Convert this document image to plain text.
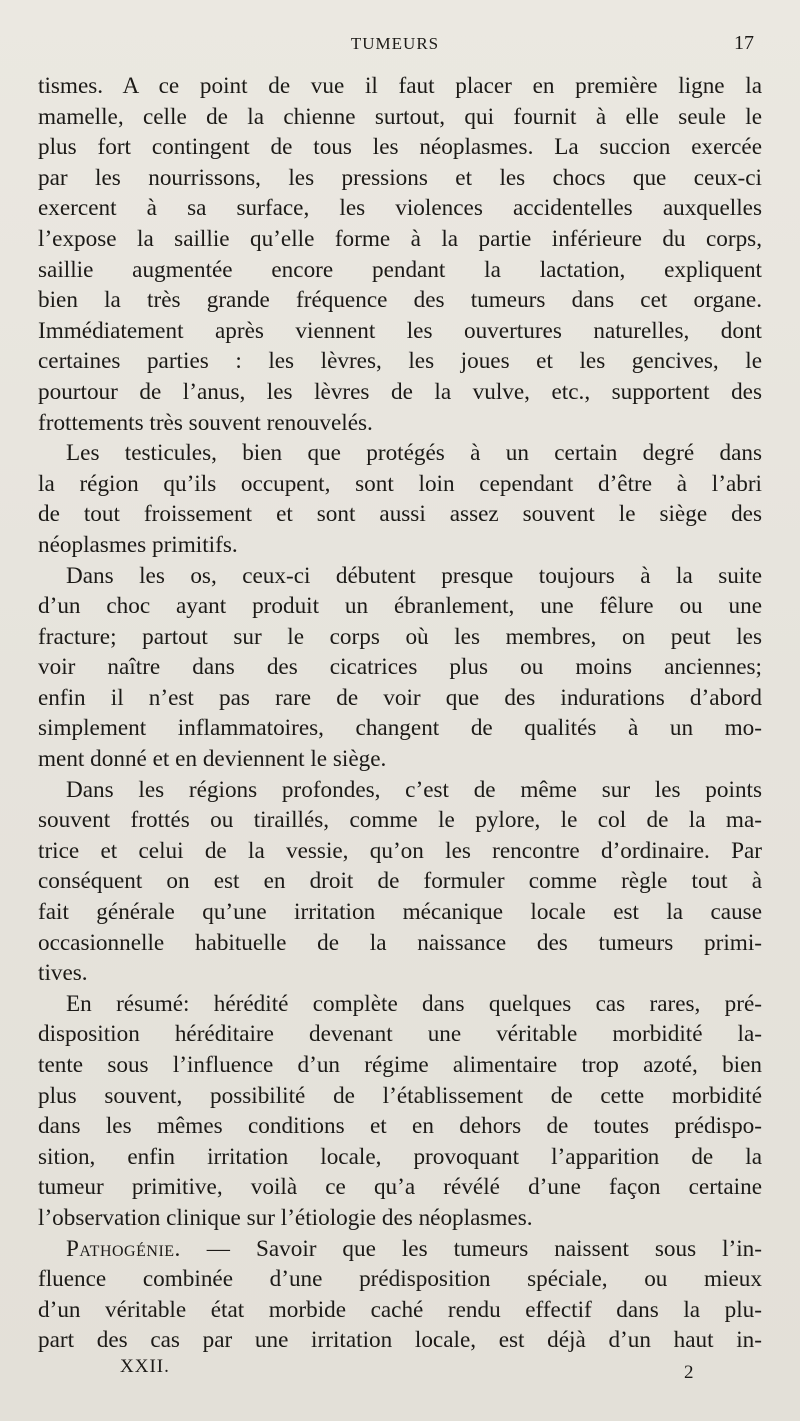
TUMEURS	17
tismes. A ce point de vue il faut placer en première ligne la
mamelle, celle de la chienne surtout, qui fournit à elle seule le
plus fort contingent de tous les néoplasmes. La succion exercée
par les nourrissons, les pressions et les chocs que ceux-ci
exercent à sa surface, les violences accidentelles auxquelles
l’expose la saillie qu’elle forme à la partie inférieure du corps,
saillie augmentée encore pendant la lactation, expliquent
bien la très grande fréquence des tumeurs dans cet organe.
Immédiatement après viennent les ouvertures naturelles, dont
certaines parties : les lèvres, les joues et les gencives, le
pourtour de l’anus, les lèvres de la vulve, etc., supportent des
frottements très souvent renouvelés.
Les testicules, bien que protégés à un certain degré dans
la région qu’ils occupent, sont loin cependant d’être à l’abri
de tout froissement et sont aussi assez souvent le siège des
néoplasmes primitifs.
Dans les os, ceux-ci débutent presque toujours à la suite
d’un choc ayant produit un ébranlement, une fêlure ou une
fracture; partout sur le corps où les membres, on peut les
voir naître dans des cicatrices plus ou moins anciennes;
enfin il n’est pas rare de voir que des indurations d’abord
simplement inflammatoires, changent de qualités à un mo-
ment donné et en deviennent le siège.
Dans les régions profondes, c’est de même sur les points
souvent frottés ou tiraillés, comme le pylore, le col de la ma-
trice et celui de la vessie, qu’on les rencontre d’ordinaire. Par
conséquent on est en droit de formuler comme règle tout à
fait générale qu’une irritation mécanique locale est la cause
occasionnelle habituelle de la naissance des tumeurs primi-
tives.
En résumé: hérédité complète dans quelques cas rares, pré-
disposition héréditaire devenant une véritable morbidité la-
tente sous l’influence d’un régime alimentaire trop azoté, bien
plus souvent, possibilité de l’établissement de cette morbidité
dans les mêmes conditions et en dehors de toutes prédispo-
sition, enfin irritation locale, provoquant l’apparition de la
tumeur primitive, voilà ce qu’a révélé d’une façon certaine
l’observation clinique sur l’étiologie des néoplasmes.
Pathogénie. — Savoir que les tumeurs naissent sous l’in-
fluence combinée d’une prédisposition spéciale, ou mieux
d’un véritable état morbide caché rendu effectif dans la plu-
part des cas par une irritation locale, est déjà d’un haut in-
XXII.	2
